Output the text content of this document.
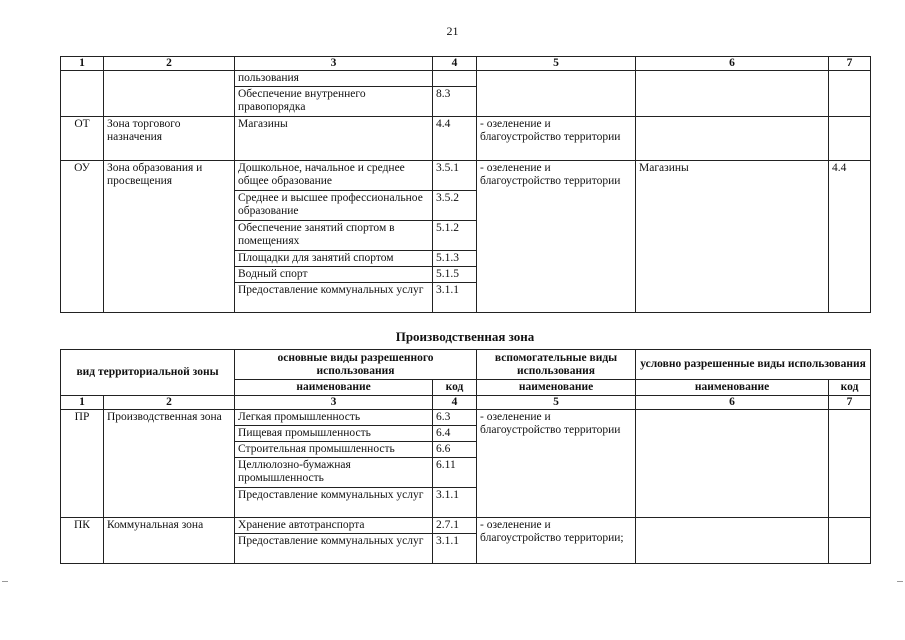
21
1	2	3	4	5	6	7
		пользования				
		Обеспечение внутреннего правопорядка	8.3			
ОТ	Зона торгового назначения	Магазины	4.4	- озеленение и благоустройство территории		
ОУ	Зона образования и просвещения	Дошкольное, начальное и среднее общее образование	3.5.1	- озеленение и благоустройство территории	Магазины	4.4
		Среднее и высшее профессиональное образование	3.5.2			
		Обеспечение занятий спортом в помещениях	5.1.2			
		Площадки для занятий спортом	5.1.3			
		Водный спорт	5.1.5			
		Предоставление коммунальных услуг	3.1.1			
Производственная зона
вид территориальной зоны		основные виды разрешенного использования		вспомогательные виды использования	условно разрешенные виды использования	
		наименование	код	наименование	наименование	код
1	2	3	4	5	6	7
ПР	Производственная зона	Легкая промышленность	6.3	- озеленение и благоустройство территории		
		Пищевая промышленность	6.4			
		Строительная промышленность	6.6			
		Целлюлозно-бумажная промышленность	6.11			
		Предоставление коммунальных услуг	3.1.1			
ПК	Коммунальная зона	Хранение автотранспорта	2.7.1	- озеленение и благоустройство территории;		
		Предоставление коммунальных услуг	3.1.1			
